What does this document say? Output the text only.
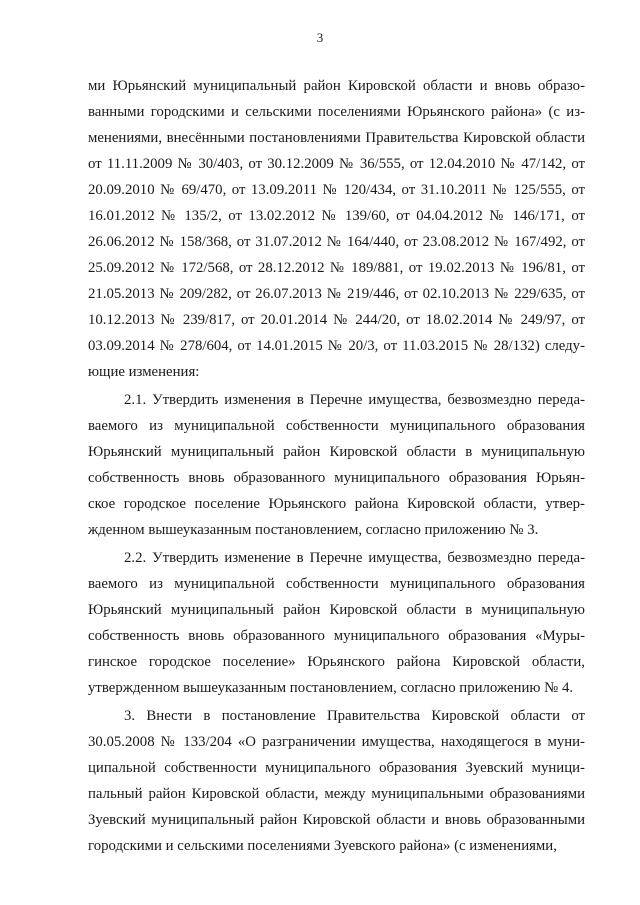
3
ми Юрьянский муниципальный район Кировской области и вновь образо-
ванными городскими и сельскими поселениями Юрьянского района» (с из-
менениями, внесёнными постановлениями Правительства Кировской области
от 11.11.2009 № 30/403, от 30.12.2009 № 36/555, от 12.04.2010 № 47/142, от
20.09.2010 № 69/470, от 13.09.2011 № 120/434, от 31.10.2011 № 125/555, от
16.01.2012 № 135/2, от 13.02.2012 № 139/60, от 04.04.2012 № 146/171, от
26.06.2012 № 158/368, от 31.07.2012 № 164/440, от 23.08.2012 № 167/492, от
25.09.2012 № 172/568, от 28.12.2012 № 189/881, от 19.02.2013 № 196/81, от
21.05.2013 № 209/282, от 26.07.2013 № 219/446, от 02.10.2013 № 229/635, от
10.12.2013 № 239/817, от 20.01.2014 № 244/20, от 18.02.2014 № 249/97, от
03.09.2014 № 278/604, от 14.01.2015 № 20/3, от 11.03.2015 № 28/132) следу-
ющие изменения:
2.1. Утвердить изменения в Перечне имущества, безвозмездно переда-
ваемого из муниципальной собственности муниципального образования
Юрьянский муниципальный район Кировской области в муниципальную
собственность вновь образованного муниципального образования Юрьян-
ское городское поселение Юрьянского района Кировской области, утвер-
жденном вышеуказанным постановлением, согласно приложению № 3.
2.2. Утвердить изменение в Перечне имущества, безвозмездно переда-
ваемого из муниципальной собственности муниципального образования
Юрьянский муниципальный район Кировской области в муниципальную
собственность вновь образованного муниципального образования «Муры-
гинское городское поселение» Юрьянского района Кировской области,
утвержденном вышеуказанным постановлением, согласно приложению № 4.
3. Внести в постановление Правительства Кировской области от
30.05.2008 № 133/204 «О разграничении имущества, находящегося в муни-
ципальной собственности муниципального образования Зуевский муници-
пальный район Кировской области, между муниципальными образованиями
Зуевский муниципальный район Кировской области и вновь образованными
городскими и сельскими поселениями Зуевского района» (с изменениями,
